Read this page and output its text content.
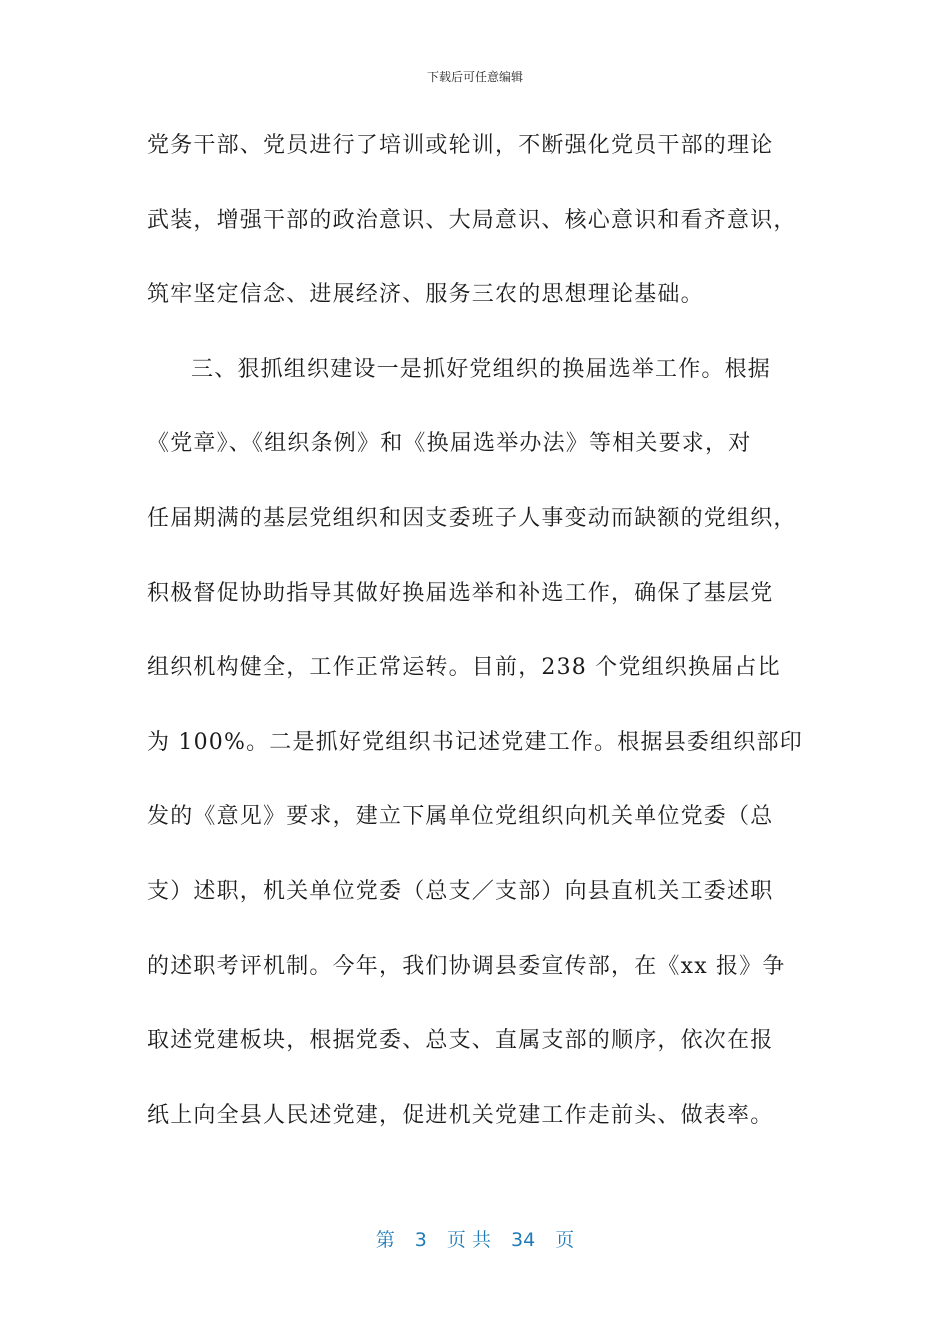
下载后可任意编辑
党务干部、党员进行了培训或轮训，不断强化党员干部的理论
武装，增强干部的政治意识、大局意识、核心意识和看齐意识，
筑牢坚定信念、进展经济、服务三农的思想理论基础。
三、狠抓组织建设一是抓好党组织的换届选举工作。根据
《党章》、《组织条例》和《换届选举办法》等相关要求，对
任届期满的基层党组织和因支委班子人事变动而缺额的党组织，
积极督促协助指导其做好换届选举和补选工作，确保了基层党
组织机构健全，工作正常运转。目前，238 个党组织换届占比
为 100%。二是抓好党组织书记述党建工作。根据县委组织部印
发的《意见》要求，建立下属单位党组织向机关单位党委（总
支）述职，机关单位党委（总支／支部）向县直机关工委述职
的述职考评机制。今年，我们协调县委宣传部，在《xx 报》争
取述党建板块，根据党委、总支、直属支部的顺序，依次在报
纸上向全县人民述党建，促进机关党建工作走前头、做表率。
第 3 页 共 34 页
